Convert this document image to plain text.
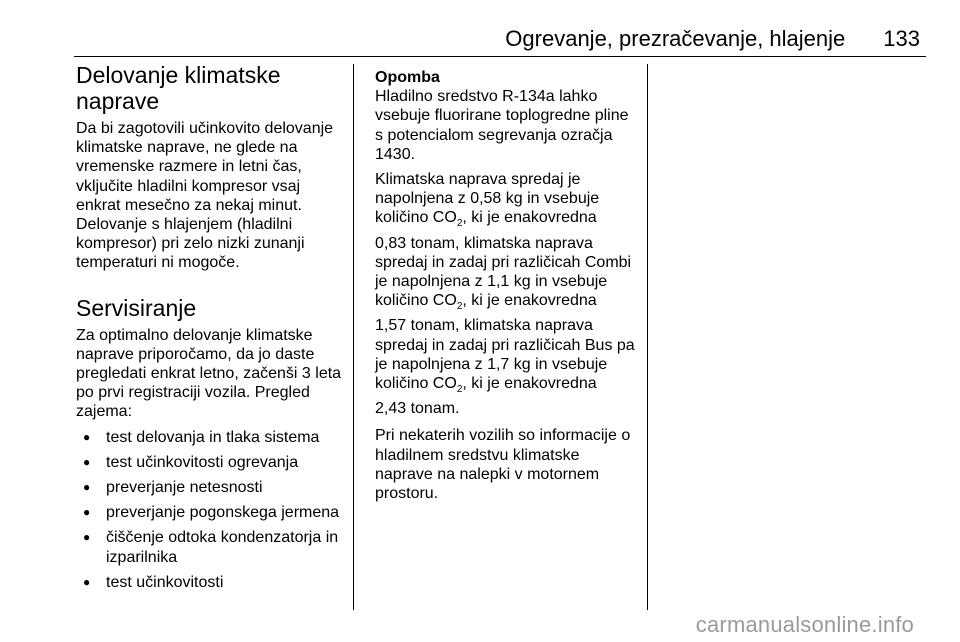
Ogrevanje, prezračevanje, hlajenje 133
Delovanje klimatske naprave

Da bi zagotovili učinkovito delovanje klimatske naprave, ne glede na vremenske razmere in letni čas, vključite hladilni kompresor vsaj enkrat mesečno za nekaj minut. Delovanje s hlajenjem (hladilni kompresor) pri zelo nizki zunanji temperaturi ni mogoče.

Servisiranje

Za optimalno delovanje klimatske naprave priporočamo, da jo daste pregledati enkrat letno, začenši 3 leta po prvi registraciji vozila. Pregled zajema:

● test delovanja in tlaka sistema
● test učinkovitosti ogrevanja
● preverjanje netesnosti
● preverjanje pogonskega jermena
● čiščenje odtoka kondenzatorja in izparilnika
● test učinkovitosti

Opomba

Hladilno sredstvo R-134a lahko vsebuje fluorirane toplogredne pline s potencialom segrevanja ozračja 1430.

Klimatska naprava spredaj je napolnjena z 0,58 kg in vsebuje količino $CO_2$, ki je enakovredna

0,83 tonam, klimatska naprava spredaj in zadaj pri različicah Combi je napolnjena z 1,1 kg in vsebuje količino $CO_2$, ki je enakovredna

1,57 tonam, klimatska naprava spredaj in zadaj pri različicah Bus pa je napolnjena z 1,7 kg in vsebuje količino $CO_2$, ki je enakovredna

2,43 tonam.

Pri nekaterih vozilih so informacije o hladilnem sredstvu klimatske naprave na nalepki v motornem prostoru.

carmanualsonline.info
